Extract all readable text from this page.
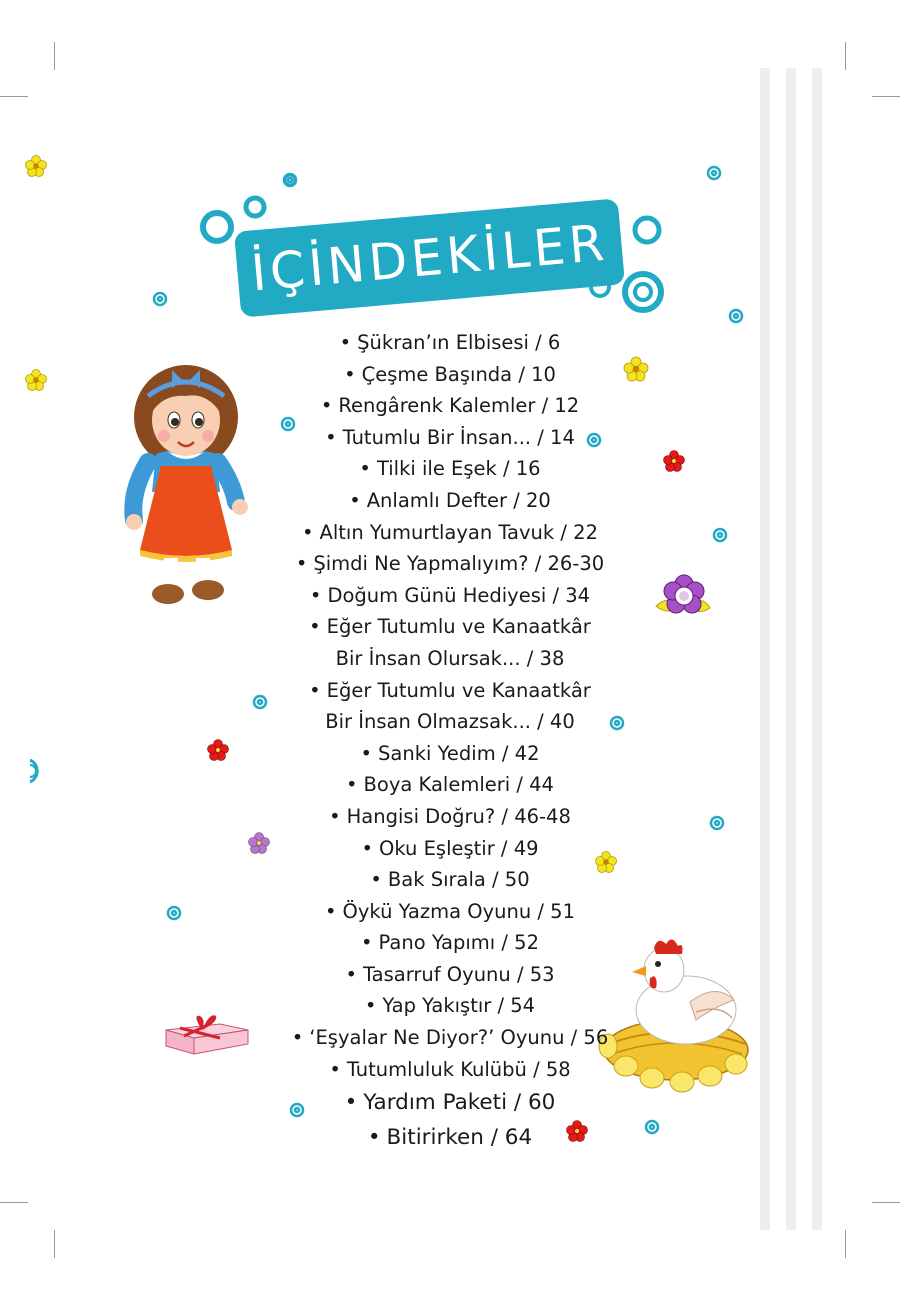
İÇİNDEKİLER
• Şükran’ın Elbisesi / 6
• Çeşme Başında / 10
• Rengârenk Kalemler / 12
• Tutumlu Bir İnsan... / 14
• Tilki ile Eşek / 16
• Anlamlı Defter / 20
• Altın Yumurtlayan Tavuk / 22
• Şimdi Ne Yapmalıyım? / 26-30
• Doğum Günü Hediyesi / 34
• Eğer Tutumlu ve Kanaatkâr
Bir İnsan Olursak... / 38
• Eğer Tutumlu ve Kanaatkâr
Bir İnsan Olmazsak... / 40
• Sanki Yedim / 42
• Boya Kalemleri / 44
• Hangisi Doğru? / 46-48
• Oku Eşleştir / 49
• Bak Sırala / 50
• Öykü Yazma Oyunu / 51
• Pano Yapımı / 52
• Tasarruf Oyunu / 53
• Yap Yakıştır / 54
• ‘Eşyalar Ne Diyor?’ Oyunu / 56
• Tutumluluk Kulübü / 58
• Yardım Paketi / 60
• Bitirirken / 64
